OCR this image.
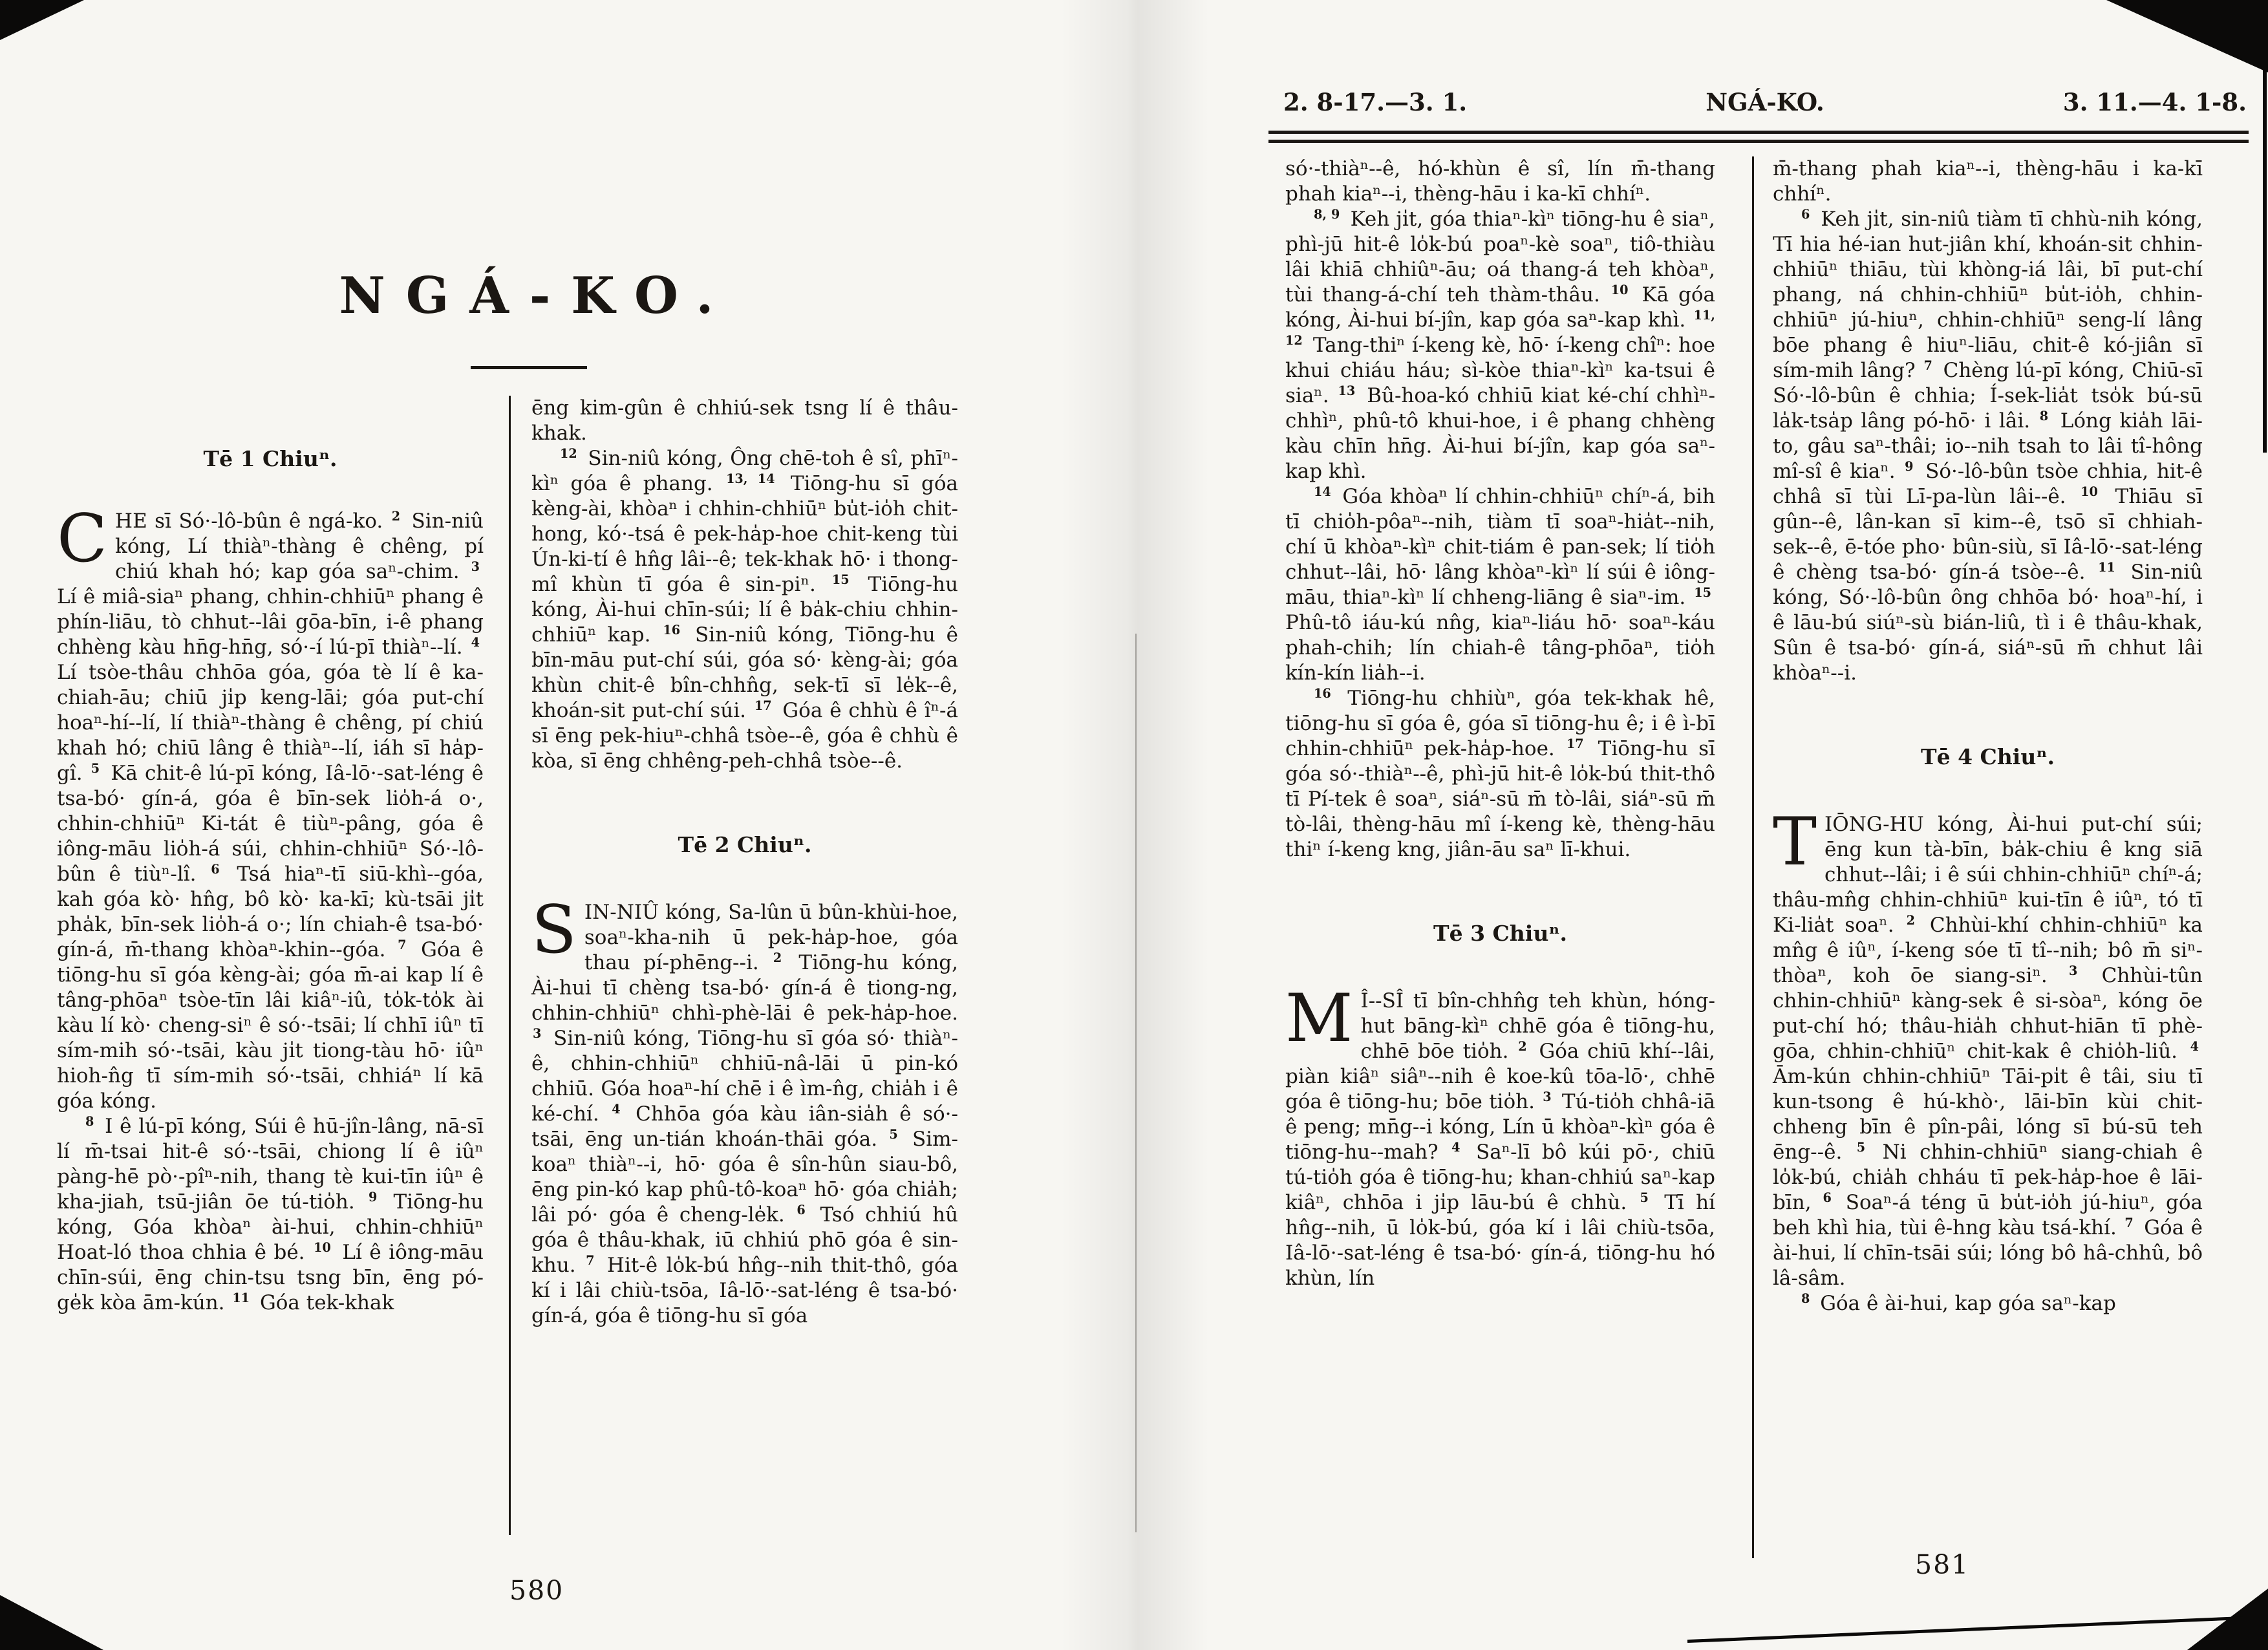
NGÁ-KO.
Tē 1 Chiuⁿ.

CHE sī Só·-lô-bûn ê ngá-ko. $^2$ Sin-niû kóng, Lí thiàⁿ-thàng ê chêng, pí chiú khah hó; kap góa saⁿ-chim. $^3$ Lí ê miâ-siaⁿ phang, chhin-chhiūⁿ phang ê phín-liāu, tò chhut--lâi gōa-bīn, i-ê phang chhèng kàu hn̄g-hn̄g, só·-í lú-pī thiàⁿ--lí. $^4$ Lí tsòe-thâu chhōa góa, góa tè lí ê ka-chiah-āu; chiū ji̍p keng-lāi; góa put-chí hoaⁿ-hí--lí, lí thiàⁿ-thàng ê chêng, pí chiú khah hó; chiū lâng ê thiàⁿ--lí, iáh sī ha̍p-gî. $^5$ Kā chit-ê lú-pī kóng, Iâ-lō·-sat-léng ê tsa-bó· gín-á, góa ê bīn-sek lio̍h-á o·, chhin-chhiūⁿ Ki-tát ê tiùⁿ-pâng, góa ê iông-māu lio̍h-á súi, chhin-chhiūⁿ Só·-lô-bûn ê tiùⁿ-lî. $^6$ Tsá hiaⁿ-tī siū-khì--góa, kah góa kò· hn̂g, bô kò· ka-kī; kù-tsāi ji̍t pha̍k, bīn-sek lio̍h-á o·; lín chiah-ê tsa-bó· gín-á, m̄-thang khòaⁿ-khin--góa. $^7$ Góa ê tiōng-hu sī góa kèng-ài; góa m̄-ai kap lí ê tâng-phōaⁿ tsòe-tīn lâi kiâⁿ-iû, to̍k-to̍k ài kàu lí kò· cheng-siⁿ ê só·-tsāi; lí chhī iûⁿ tī sím-mih só·-tsāi, kàu ji̍t tiong-tàu hō· iûⁿ hioh-n̂g tī sím-mih só·-tsāi, chhiáⁿ lí kā góa kóng.

$^8$ I ê lú-pī kóng, Súi ê hū-jîn-lâng, nā-sī lí m̄-tsai hit-ê só·-tsāi, chiong lí ê iûⁿ pàng-hē pò·-pîⁿ-nih, thang tè kui-tīn iûⁿ ê kha-jiah, tsū-jiân ōe tú-tio̍h. $^9$ Tiōng-hu kóng, Góa khòaⁿ ài-hui, chhin-chhiūⁿ Hoat-ló thoa chhia ê bé. $^{10}$ Lí ê iông-māu chīn-súi, ēng chin-tsu tsng bīn, ēng pó-ge̍k kòa ām-kún. $^{11}$ Góa tek-khak

ēng kim-gûn ê chhiú-sek tsng lí ê thâu-khak.

$^{12}$ Sin-niû kóng, Ông chē-toh ê sî, phīⁿ-kìⁿ góa ê phang. $^{13, 14}$ Tiōng-hu sī góa kèng-ài, khòaⁿ i chhin-chhiūⁿ bu̍t-io̍h chit-hong, kó·-tsá ê pek-ha̍p-hoe chit-keng tùi Ún-ki-tí ê hn̂g lâi--ê; tek-khak hō· i thong-mî khùn tī góa ê sin-piⁿ. $^{15}$ Tiōng-hu kóng, Ài-hui chīn-súi; lí ê ba̍k-chiu chhin-chhiūⁿ kap. $^{16}$ Sin-niû kóng, Tiōng-hu ê bīn-māu put-chí súi, góa só· kèng-ài; góa khùn chit-ê bîn-chhn̂g, sek-tī sī le̍k--ê, khoán-sit put-chí súi. $^{17}$ Góa ê chhù ê îⁿ-á sī ēng pek-hiuⁿ-chhâ tsòe--ê, góa ê chhù ê kòa, sī ēng chhêng-peh-chhâ tsòe--ê.

Tē 2 Chiuⁿ.

SIN-NIÛ kóng, Sa-lûn ū bûn-khùi-hoe, soaⁿ-kha-nih ū pek-ha̍p-hoe, góa thau pí-phēng--i. $^2$ Tiōng-hu kóng, Ài-hui tī chèng tsa-bó· gín-á ê tiong-ng, chhin-chhiūⁿ chhì-phè-lāi ê pek-ha̍p-hoe. $^3$ Sin-niû kóng, Tiōng-hu sī góa só· thiàⁿ-ê, chhin-chhiūⁿ chhiū-nâ-lāi ū pin-kó chhiū. Góa hoaⁿ-hí chē i ê ìm-n̂g, chia̍h i ê ké-chí. $^4$ Chhōa góa kàu iân-sia̍h ê só·-tsāi, ēng un-tián khoán-thāi góa. $^5$ Sim-koaⁿ thiàⁿ--i, hō· góa ê sîn-hûn siau-bô, ēng pin-kó kap phû-tô-koaⁿ hō· góa chia̍h; lâi pó· góa ê cheng-le̍k. $^6$ Tsó chhiú hû góa ê thâu-khak, iū chhiú phō góa ê sin-khu. $^7$ Hit-ê lo̍k-bú hn̂g--nih thit-thô, góa kí i lâi chiù-tsōa, Iâ-lō·-sat-léng ê tsa-bó· gín-á, góa ê tiōng-hu sī góa

580
2. 8-17.—3. 1.	NGÁ-KO.	3. 11.—4. 1-8.

só·-thiàⁿ--ê, hó-khùn ê sî, lín m̄-thang phah kiaⁿ--i, thèng-hāu i ka-kī chhíⁿ.

$^{8, 9}$ Keh ji̍t, góa thiaⁿ-kìⁿ tiōng-hu ê siaⁿ, phì-jū hit-ê lo̍k-bú poaⁿ-kè soaⁿ, tiô-thiàu lâi khiā chhiûⁿ-āu; oá thang-á teh khòaⁿ, tùi thang-á-chí teh thàm-thâu. $^{10}$ Kā góa kóng, Ài-hui bí-jîn, kap góa saⁿ-kap khì. $^{11, 12}$ Tang-thiⁿ í-keng kè, hō· í-keng chîⁿ: hoe khui chiáu háu; sì-kòe thiaⁿ-kìⁿ ka-tsui ê siaⁿ. $^{13}$ Bû-hoa-kó chhiū kiat ké-chí chhìⁿ-chhìⁿ, phû-tô khui-hoe, i ê phang chhèng kàu chīn hn̄g. Ài-hui bí-jîn, kap góa saⁿ-kap khì.

$^{14}$ Góa khòaⁿ lí chhin-chhiūⁿ chíⁿ-á, bih tī chio̍h-pôaⁿ--nih, tiàm tī soaⁿ-hia̍t--nih, chí ū khòaⁿ-kìⁿ chit-tiám ê pan-sek; lí tio̍h chhut--lâi, hō· lâng khòaⁿ-kìⁿ lí súi ê iông-māu, thiaⁿ-kìⁿ lí chheng-liāng ê siaⁿ-im. $^{15}$ Phû-tô iáu-kú nn̂g, kiaⁿ-liáu hō· soaⁿ-káu phah-chih; lín chiah-ê tâng-phōaⁿ, tio̍h kín-kín lia̍h--i.

$^{16}$ Tiōng-hu chhiùⁿ, góa tek-khak hê, tiōng-hu sī góa ê, góa sī tiōng-hu ê; i ê ì-bī chhin-chhiūⁿ pek-ha̍p-hoe. $^{17}$ Tiōng-hu sī góa só·-thiàⁿ--ê, phì-jū hit-ê lo̍k-bú thit-thô tī Pí-tek ê soaⁿ, siáⁿ-sū m̄ tò-lâi, siáⁿ-sū m̄ tò-lâi, thèng-hāu mî í-keng kè, thèng-hāu thiⁿ í-keng kng, jiân-āu saⁿ lī-khui.

Tē 3 Chiuⁿ.

M Î--SÎ tī bîn-chhn̂g teh khùn, hóng-hut bāng-kìⁿ chhē góa ê tiōng-hu, chhē bōe tio̍h. $^2$ Góa chiū khí--lâi, piàn kiâⁿ siâⁿ--nih ê koe-kû tōa-lō·, chhē góa ê tiōng-hu; bōe tio̍h. $^3$ Tú-tio̍h chhâ-iā ê peng; mn̄g--i kóng, Lín ū khòaⁿ-kìⁿ góa ê tiōng-hu--mah? $^4$ Saⁿ-lī bô kúi pō·, chiū tú-tio̍h góa ê tiōng-hu; khan-chhiú saⁿ-kap kiâⁿ, chhōa i ji̍p lāu-bú ê chhù. $^5$ Tī hí hn̂g--nih, ū lo̍k-bú, góa kí i lâi chiù-tsōa, Iâ-lō·-sat-léng ê tsa-bó· gín-á, tiōng-hu hó khùn, lín

m̄-thang phah kiaⁿ--i, thèng-hāu i ka-kī chhíⁿ.

$^6$ Keh ji̍t, sin-niû tiàm tī chhù-nih kóng, Tī hia hé-ian hut-jiân khí, khoán-sit chhin-chhiūⁿ thiāu, tùi khòng-iá lâi, bī put-chí phang, ná chhin-chhiūⁿ bu̍t-io̍h, chhin-chhiūⁿ jú-hiuⁿ, chhin-chhiūⁿ seng-lí lâng bōe phang ê hiuⁿ-liāu, chit-ê kó-jiân sī sím-mih lâng? $^7$ Chèng lú-pī kóng, Chiū-sī Só·-lô-bûn ê chhia; Í-sek-lia̍t tso̍k bú-sū la̍k-tsa̍p lâng pó-hō· i lâi. $^8$ Lóng kia̍h lāi-to, gâu saⁿ-thâi; io--nih tsah to lâi tî-hông mî-sî ê kiaⁿ. $^9$ Só·-lô-bûn tsòe chhia, hit-ê chhâ sī tùi Lī-pa-lùn lâi--ê. $^{10}$ Thiāu sī gûn--ê, lân-kan sī kim--ê, tsō sī chhiah-sek--ê, ē-tóe pho· bûn-siù, sī Iâ-lō·-sat-léng ê chèng tsa-bó· gín-á tsòe--ê. $^{11}$ Sin-niû kóng, Só·-lô-bûn ông chhōa bó· hoaⁿ-hí, i ê lāu-bú siúⁿ-sù bián-liû, tì i ê thâu-khak, Sûn ê tsa-bó· gín-á, siáⁿ-sū m̄ chhut lâi khòaⁿ--i.

Tē 4 Chiuⁿ.

TIŌNG-HU kóng, Ài-hui put-chí súi; ēng kun tà-bīn, ba̍k-chiu ê kng siā chhut--lâi; i ê súi chhin-chhiūⁿ chíⁿ-á; thâu-mn̂g chhin-chhiūⁿ kui-tīn ê iûⁿ, tó tī Ki-lia̍t soaⁿ. $^2$ Chhùi-khí chhin-chhiūⁿ ka mn̂g ê iûⁿ, í-keng sóe tī tî--nih; bô m̄ siⁿ-thòaⁿ, koh ōe siang-siⁿ. $^3$ Chhùi-tûn chhin-chhiūⁿ kàng-sek ê si-sòaⁿ, kóng ōe put-chí hó; thâu-hia̍h chhut-hiān tī phè-gōa, chhin-chhiūⁿ chit-kak ê chio̍h-liû. $^4$ Ām-kún chhin-chhiūⁿ Tāi-pi̍t ê tâi, siu tī kun-tsong ê hú-khò·, lāi-bīn kùi chit-chheng bīn ê pîn-pâi, lóng sī bú-sū teh ēng--ê. $^5$ Ni chhin-chhiūⁿ siang-chiah ê lo̍k-bú, chia̍h chháu tī pek-ha̍p-hoe ê lāi-bīn, $^6$ Soaⁿ-á téng ū bu̍t-io̍h jú-hiuⁿ, góa beh khì hia, tùi ê-hng kàu tsá-khí. $^7$ Góa ê ài-hui, lí chīn-tsāi súi; lóng bô hâ-chhû, bô lâ-sâm.

$^8$ Góa ê ài-hui, kap góa saⁿ-kap

581
